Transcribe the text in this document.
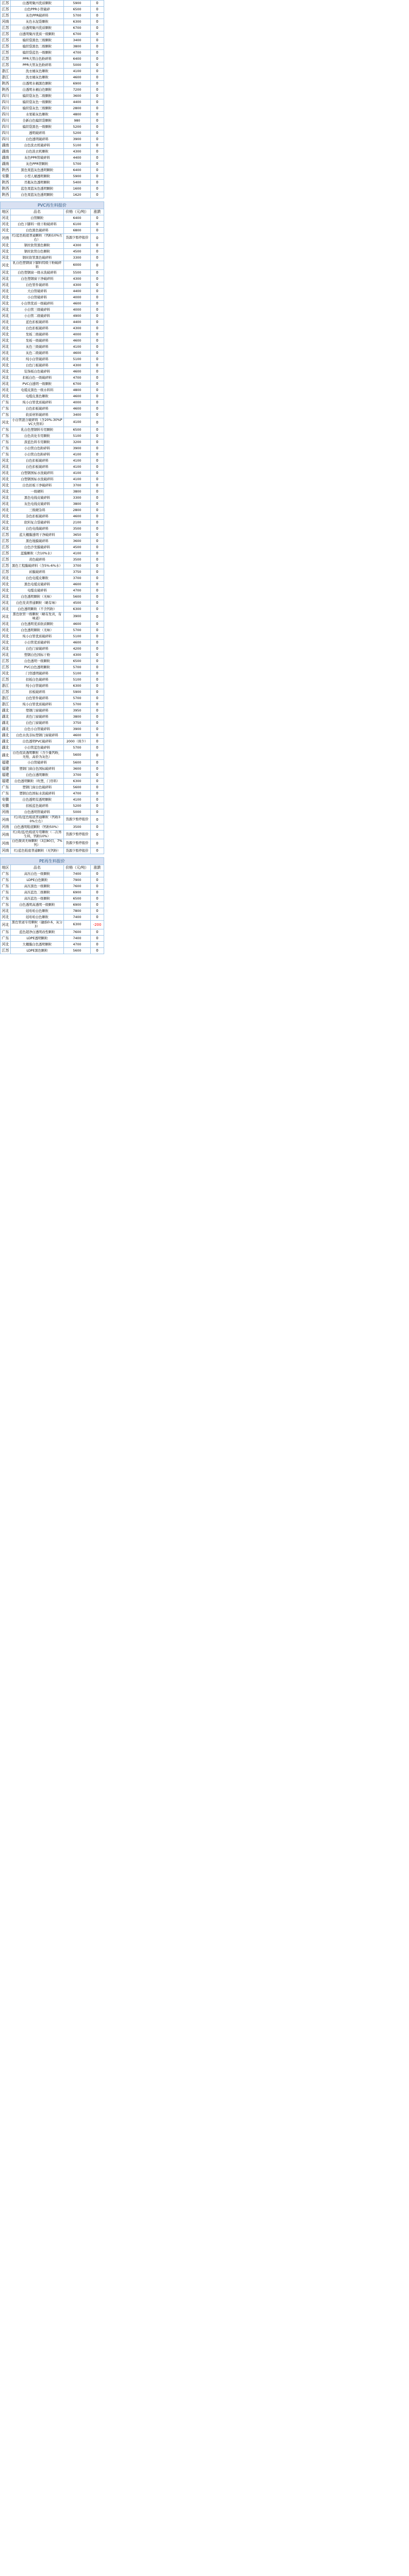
江苏	白透明聚丙优质颗粒	5900	0
江苏	白色PPR小管破碎	6500	0
江苏	灰色PPR破碎料	5700	0
河南	灰色水泥袋颗粒	6300	0
江苏	白透明聚丙优质颗粒	6700	0
江苏	白透明聚丙优质一级颗粒	6700	0
江苏	编织袋黑色三级颗粒	3400	0
江苏	编织袋黑色二级颗粒	3800	0
江苏	编织袋蓝色一级颗粒	4700	0
江苏	PPR大管白色粉碎料	6400	0
江苏	PPR大管灰色粉碎料	5000	0
浙江	洗衣桶灰色颗粒	4100	0
浙江	洗衣桶灰色颗粒	4600	0
陕西	白透明水桶黑色颗粒	6900	0
陕西	白透明水桶白色颗粒	7200	0
四川	编织袋灰色二级颗粒	3600	0
四川	编织袋灰色一级颗粒	4400	0
四川	编织袋灰色三级颗粒	2800	0
四川	水果箱灰色颗粒	4800	0
四川	全新白色编织袋颗粒	980	0
四川	编织袋黑色一级颗粒	5200	0
四川	透明破碎料	5200	0
四川	白色透明破碎料	3900	0
湖南	白色洗衣机破碎料	5100	0
湖南	白色洗衣机颗粒	4300	0
湖南	灰色PPR管破碎料	4400	0
湖南	灰色PPR管颗粒	5700	0
陕西	黑色果篮灰色透明颗粒	6400	0
安徽	小型人桶透明颗粒	5900	0
陕西	吊瓶灰色透明颗粒	5400	0
陕西	蓝色果篮灰色透明颗粒	1600	0
陕西	白色果篮灰色透明颗粒	1620	0

PVC再生料报价			
地区	品名	价格（元/吨）	涨跌
河北	白管颗粒	6400	0
河北	白色下脚料一级干粉破碎料	6100	0
河北	白色黑色破碎料	6800	0
河南	红/蓝色鞋底普通颗粒（钙粉10%左右）	货源少暂停报价	0
河北	钢丝软管黑色颗粒	4300	0
河北	钢丝软管白色颗粒	4500	0
河北	钢丝软管黑色破碎料	3300	0
河北	乳白色塑钢窗下脚料特级干粉破碎料	6000	0
河北	白色塑钢窗一级水洗破碎料	5500	0
河北	白色塑钢窗干净破碎料	4300	0
河北	白色管件破碎料	4300	0
河北	大白管破碎料	4400	0
河北	小白管破碎料	4000	0
河北	小白管优质一级破碎料	4600	0
河北	小白管三级破碎料	4000	0
河北	小白管二级破碎料	4900	0
河北	蓝色扣板破碎料	4400	0
河北	白色扣板破碎料	4300	0
河北	发板二级破碎料	4000	0
河北	发板一级破碎料	4600	0
河北	灰色三级破碎料	4100	0
河北	灰色二级破碎料	4600	0
河北	纯小白管破碎料	5100	0
河北	白色门板破碎料	4300	0
河北	装饰板白色破碎料	4600	0
河北	扣板白色一级破碎料	4700	0
河北	PVC白透明一级颗粒	6700	0
河北	电缆皮黑色一级水料料	4800	0
河北	电缆皮黑色颗粒	4600	0
广东	纯小白管优质破碎料	4000	0
广东	白色扣板破碎料	4600	0
广东	软质材料破碎料	3400	0
河北	小白管混合破碎料（含20%-30%PVC大管料）	4100	0
广东	乳白色塑钢料专用颗粒	6500	0
广东	白色黄化专用颗粒	5100	0
广东	深蓝色料专用颗粒	3200	0
广东	小白管白色粉碎料	3900	0
广东	小白管白色粉碎料	4100	0
河北	白色扣板破碎料	4100	0
河北	白色扣板破碎料	4100	0
河北	白塑钢国标水洗破碎料	4100	0
河北	白塑钢国标水洗破碎料	4100	0
河北	白色扣板干净破碎料	3700	0
河北	一级硬料	3800	0
河北	黑色电线皮破碎料	3300	0
河北	灰色电线皮破碎料	3800	0
河北	三级硬杂料	2800	0
河北	杂色扣板破碎料	4600	0
河北	软料复合袋破碎料	2100	0
河北	白色电线破碎料	3500	0
江苏	蓝大棚膜透明干净破碎料	3650	0
江苏	黑色地膜破碎料	3600	0
江苏	白色沙发膜破碎料	4500	0
江苏	蓝膜颗粒（含10%水）	4100	0
江苏	黄色破碎料	3500	0
江苏	黑色工程膜破碎料（含5%-6%水）	3700	0
江苏	砖膜破碎料	3750	0
河北	白色电缆皮颗粒	3700	0
河北	黑色电缆皮破碎料	4600	0
河北	电缆皮破碎料	4700	0
河北	白色透明颗粒（无味）	5600	0
河北	白色发黄普通颗粒（略有味）	4500	0
河北	白色透明颗粒（不含钙粉）	6300	0
河北	黑色软管一级颗粒（略有发黄，有味道）	3900	0
河北	白色透明优质软质颗粒	4600	0
河北	白色透明颗粒（无味）	5700	0
河北	纯小白管优质破碎料	5100	0
河北	小白管优质破碎料	4600	0
河北	白色门窗破碎料	4200	0
河北	塑钢白色国标干粉	4300	0
江苏	白色透明一级颗粒	6500	0
江苏	PVC白色透明颗粒	5700	0
河北	门帘透明破碎料	5100	0
江苏	扣板白色破碎料	5100	0
浙江	纯小白管破碎料	6300	0
江苏	扣板破碎料	5900	0
浙江	白色管件破碎料	5700	0
浙江	纯小白管优质破碎料	5700	0
湖北	塑钢门窗破碎料	3950	0
湖北	黄色门窗破碎料	3800	0
湖北	白色门窗破碎料	3750	0
湖北	白色小白管破碎料	3900	0
湖北	白色水洗非标塑钢门窗破碎料	4600	0
湖北	白色透明PVC破碎料	2000（预少）	0
湖北	小白管蓝色破碎料	5700	0
湖北	白色优质透明颗粒（含少量钙粉，无纸、高价为灰色）	5600	0
福建	小白管破碎料	5600	0
福建	塑钢门窗白色国标破碎料	3600	0
福建	白色白透明颗粒	3700	0
福建	白色透明颗粒（吹塑，门帘料）	6300	0
广东	塑钢门窗白色破碎料	5600	0
广东	塑钢白色国标水洗破碎料	4700	0
安徽	白色透明有透明颗粒	4100	0
安徽	扣板蓝色破碎料	5200	0
河南	白色透明管破碎料	5000	0
河南	红/黄/蓝色鞋底普通颗粒（钙粉30%左右）	货源少暂停报价	0
河南	白色透明鞋底颗粒（钙粉50%）	3500	0
河南	红/黄/蓝/色鞋底专用颗粒（二次再生料，钙粉10%）	货源少暂停报价	0
河南	白色微黄无味颗粒（3层80目，7%钙）	货源少暂停报价	0
河南	红/蓝色鞋底普通颗粒（无钙粉）	货源少暂停报价	0

PE再生料报价			
地区	品名	价格（元/吨）	涨跌
广东	高压白色一级颗粒	7400	0
广东	LDPE白色颗粒	7900	0
广东	高压黑色一级颗粒	7600	0
广东	高压蓝色二级颗粒	6900	0
广东	高压蓝色一级颗粒	6500	0
广东	白色透明高透明一级颗粒	6900	0
河北	娃哈哈白色颗粒	7800	0
河北	娃哈哈白色颗粒	7400	0
河北	黑色管道专用颗粒（融指0.6，灰分3）	6300	-200
广东	蓝色超净白透明改性颗粒	7600	0
广东	LDPE透明颗粒	7400	0
河北	大棚膜白色透明颗粒	4700	0
江苏	LDPE黑色颗粒	5600	0
